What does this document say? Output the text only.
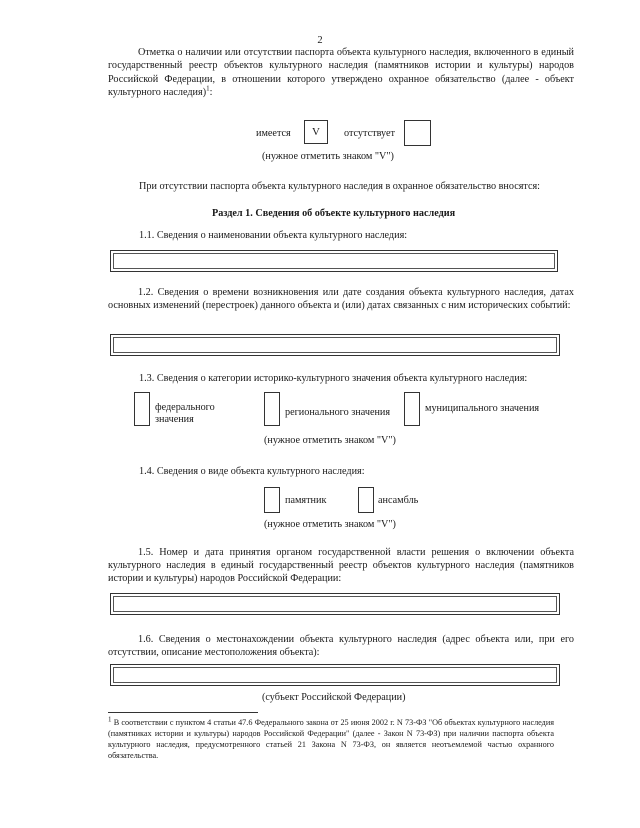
2
Отметка о наличии или отсутствии паспорта объекта культурного наследия, включенного в единый государственный реестр объектов культурного наследия (памятников истории и культуры) народов Российской Федерации, в отношении которого утверждено охранное обязательство (далее - объект культурного наследия)$^1$:
имеется	V	отсутствует
(нужное отметить знаком "V")
При отсутствии паспорта объекта культурного наследия в охранное обязательство вносятся:
Раздел 1. Сведения об объекте культурного наследия
1.1. Сведения о наименовании объекта культурного наследия:
1.2. Сведения о времени возникновения или дате создания объекта культурного наследия, датах основных изменений (перестроек) данного объекта и (или) датах связанных с ним исторических событий:
1.3. Сведения о категории историко-культурного значения объекта культурного наследия:
федерального значения
регионального значения	муниципального значения
(нужное отметить знаком "V")
1.4. Сведения о виде объекта культурного наследия:
памятник	ансамбль
(нужное отметить знаком "V")
1.5. Номер и дата принятия органом государственной власти решения о включении объекта культурного наследия в единый государственный реестр объектов культурного наследия (памятников истории и культуры) народов Российской Федерации:
1.6. Сведения о местонахождении объекта культурного наследия (адрес объекта или, при его отсутствии, описание местоположения объекта):
(субъект Российской Федерации)
$^1$ В соответствии с пунктом 4 статьи 47.6 Федерального закона от 25 июня 2002 г. N 73-ФЗ "Об объектах культурного наследия (памятниках истории и культуры) народов Российской Федерации" (далее - Закон N 73-ФЗ) при наличии паспорта объекта культурного наследия, предусмотренного статьей 21 Закона N 73-ФЗ, он является неотъемлемой частью охранного обязательства.
